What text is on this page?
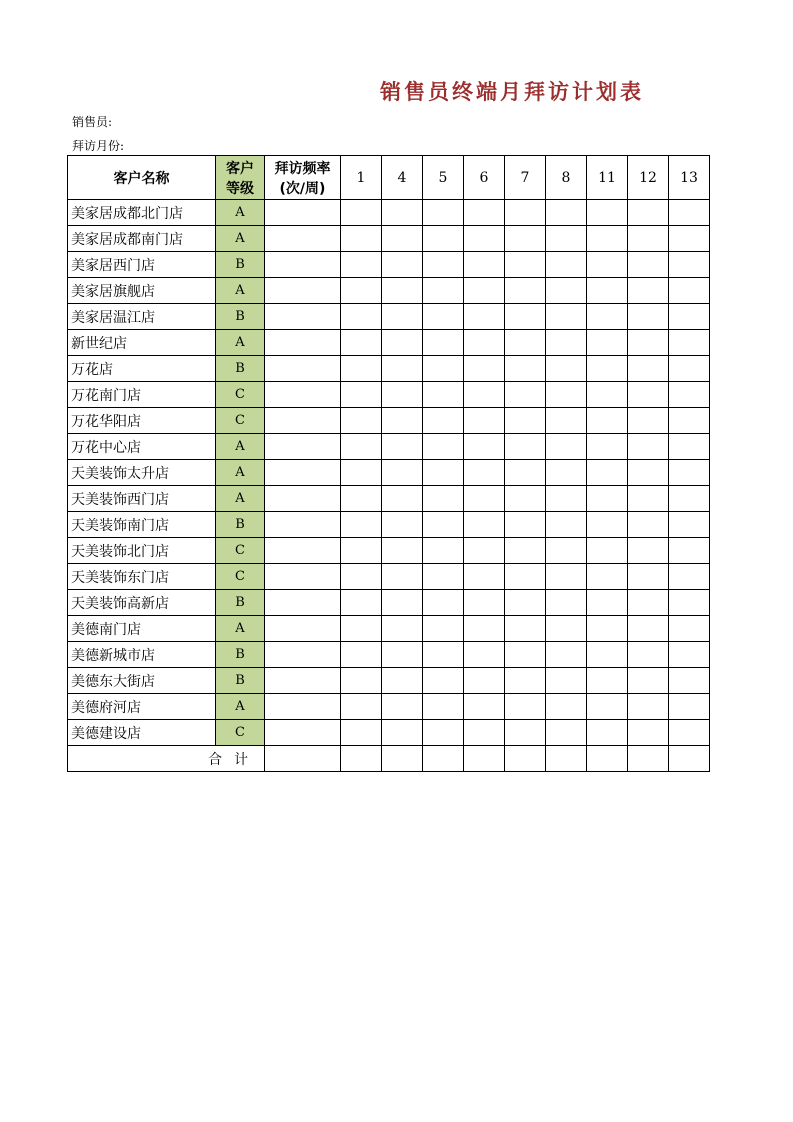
销售员终端月拜访计划表
销售员:
拜访月份:
客户名称	客户等级	拜访频率(次/周)	1	4	5	6	7	8	11	12	13
美家居成都北门店	A										
美家居成都南门店	A										
美家居西门店	B										
美家居旗舰店	A										
美家居温江店	B										
新世纪店	A										
万花店	B										
万花南门店	C										
万花华阳店	C										
万花中心店	A										
天美装饰太升店	A										
天美装饰西门店	A										
天美装饰南门店	B										
天美装饰北门店	C										
天美装饰东门店	C										
天美装饰高新店	B										
美德南门店	A										
美德新城市店	B										
美德东大街店	B										
美德府河店	A										
美德建设店	C										
合计											
